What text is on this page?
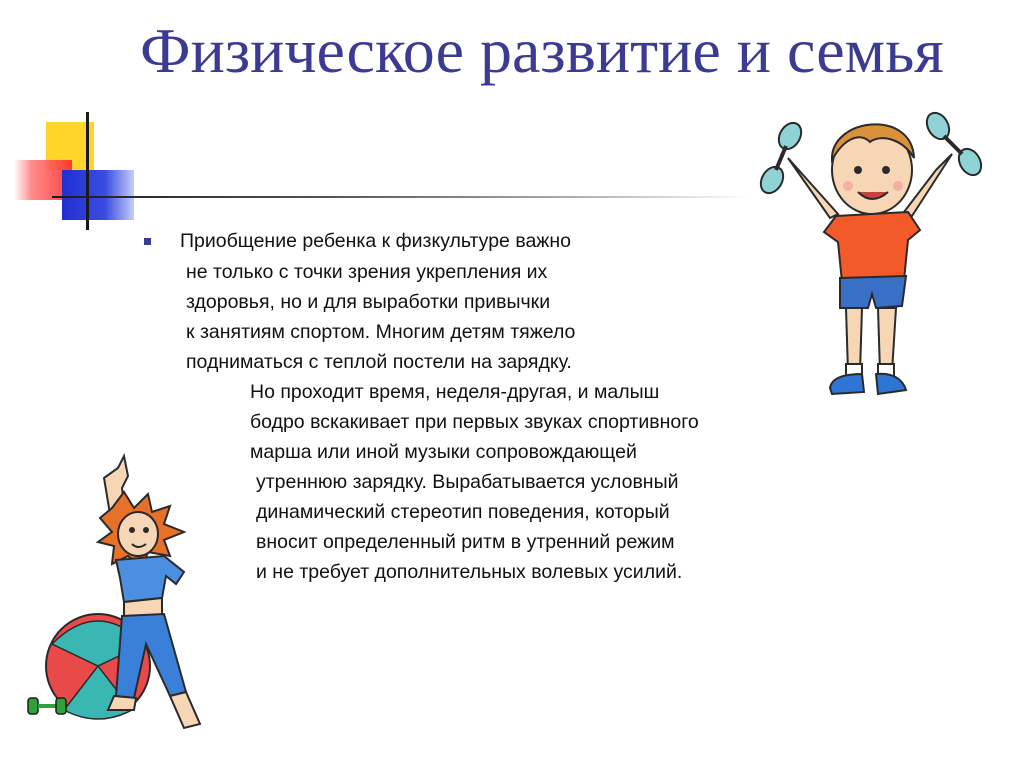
Физическое развитие и семья
Приобщение ребенка к физкультуре важно
не только с точки зрения укрепления их
здоровья, но и для выработки привычки
к занятиям спортом. Многим детям тяжело
подниматься с теплой постели на зарядку.
Но проходит время, неделя-другая, и малыш
бодро вскакивает при первых звуках спортивного
марша или иной музыки сопровождающей
утреннюю зарядку. Вырабатывается условный
динамический стереотип поведения, который
вносит определенный ритм в утренний режим
и не требует дополнительных волевых усилий.
